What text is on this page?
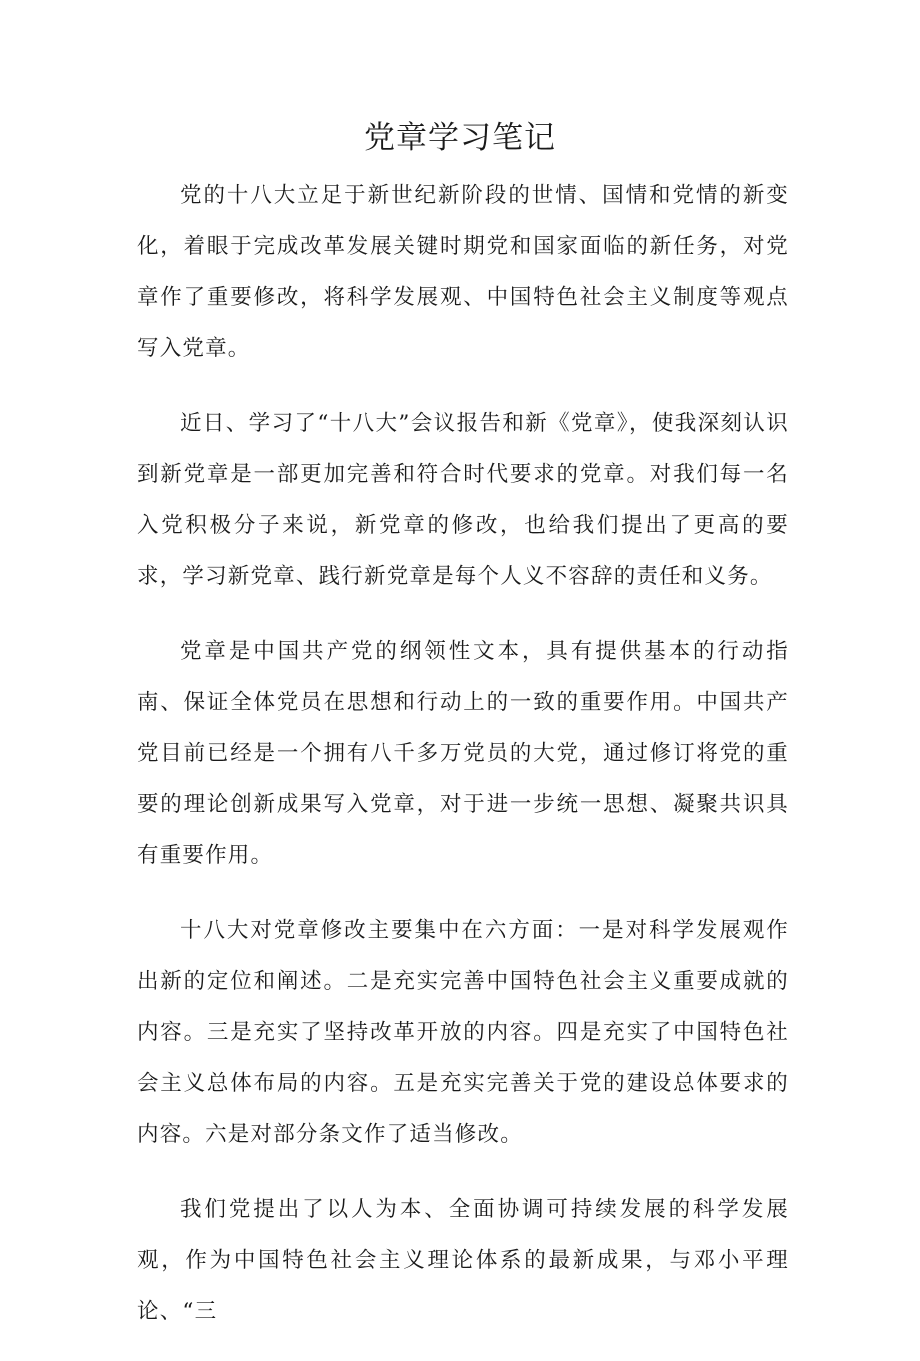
党章学习笔记

党的十八大立足于新世纪新阶段的世情、国情和党情的新变化，着眼于完成改革发展关键时期党和国家面临的新任务，对党章作了重要修改，将科学发展观、中国特色社会主义制度等观点写入党章。

近日、学习了“十八大”会议报告和新《党章》，使我深刻认识到新党章是一部更加完善和符合时代要求的党章。对我们每一名入党积极分子来说，新党章的修改，也给我们提出了更高的要求，学习新党章、践行新党章是每个人义不容辞的责任和义务。

党章是中国共产党的纲领性文本，具有提供基本的行动指南、保证全体党员在思想和行动上的一致的重要作用。中国共产党目前已经是一个拥有八千多万党员的大党，通过修订将党的重要的理论创新成果写入党章，对于进一步统一思想、凝聚共识具有重要作用。

十八大对党章修改主要集中在六方面：一是对科学发展观作出新的定位和阐述。二是充实完善中国特色社会主义重要成就的内容。三是充实了坚持改革开放的内容。四是充实了中国特色社会主义总体布局的内容。五是充实完善关于党的建设总体要求的内容。六是对部分条文作了适当修改。

我们党提出了以人为本、全面协调可持续发展的科学发展观，作为中国特色社会主义理论体系的最新成果，与邓小平理论、“三
